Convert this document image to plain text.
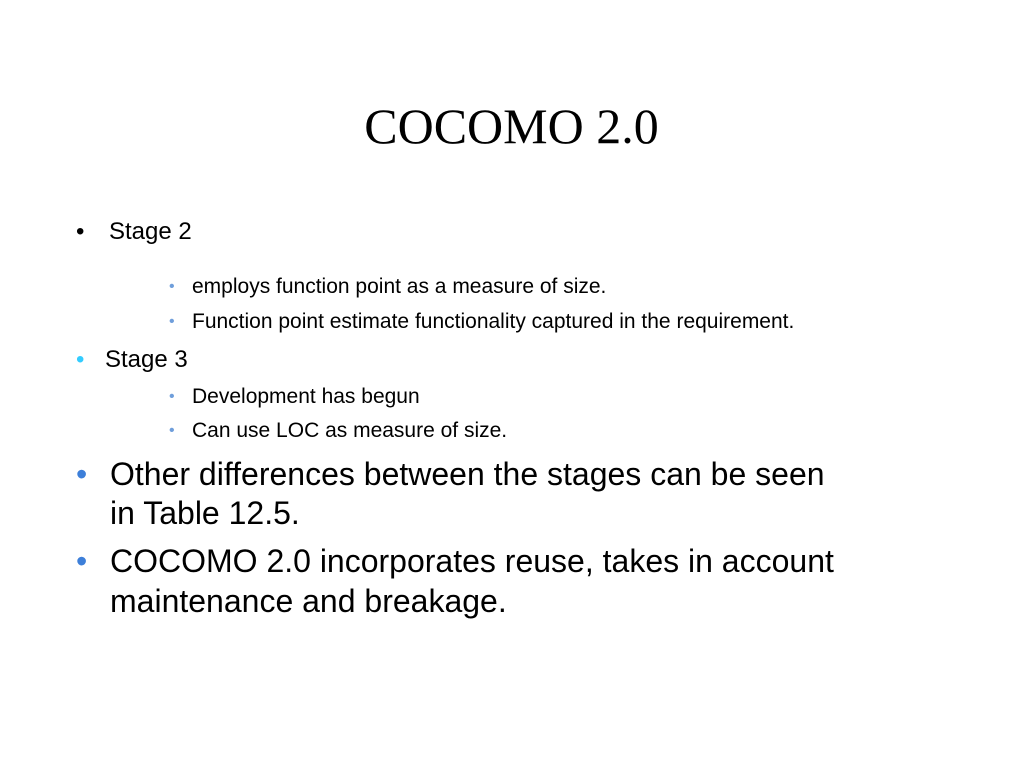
COCOMO 2.0
• Stage 2
• employs function point as a measure of size.
• Function point estimate functionality captured in the requirement.
• Stage 3
• Development has begun
• Can use LOC as measure of size.
• Other differences between the stages can be seen
in Table 12.5.
• COCOMO 2.0 incorporates reuse, takes in account
maintenance and breakage.
